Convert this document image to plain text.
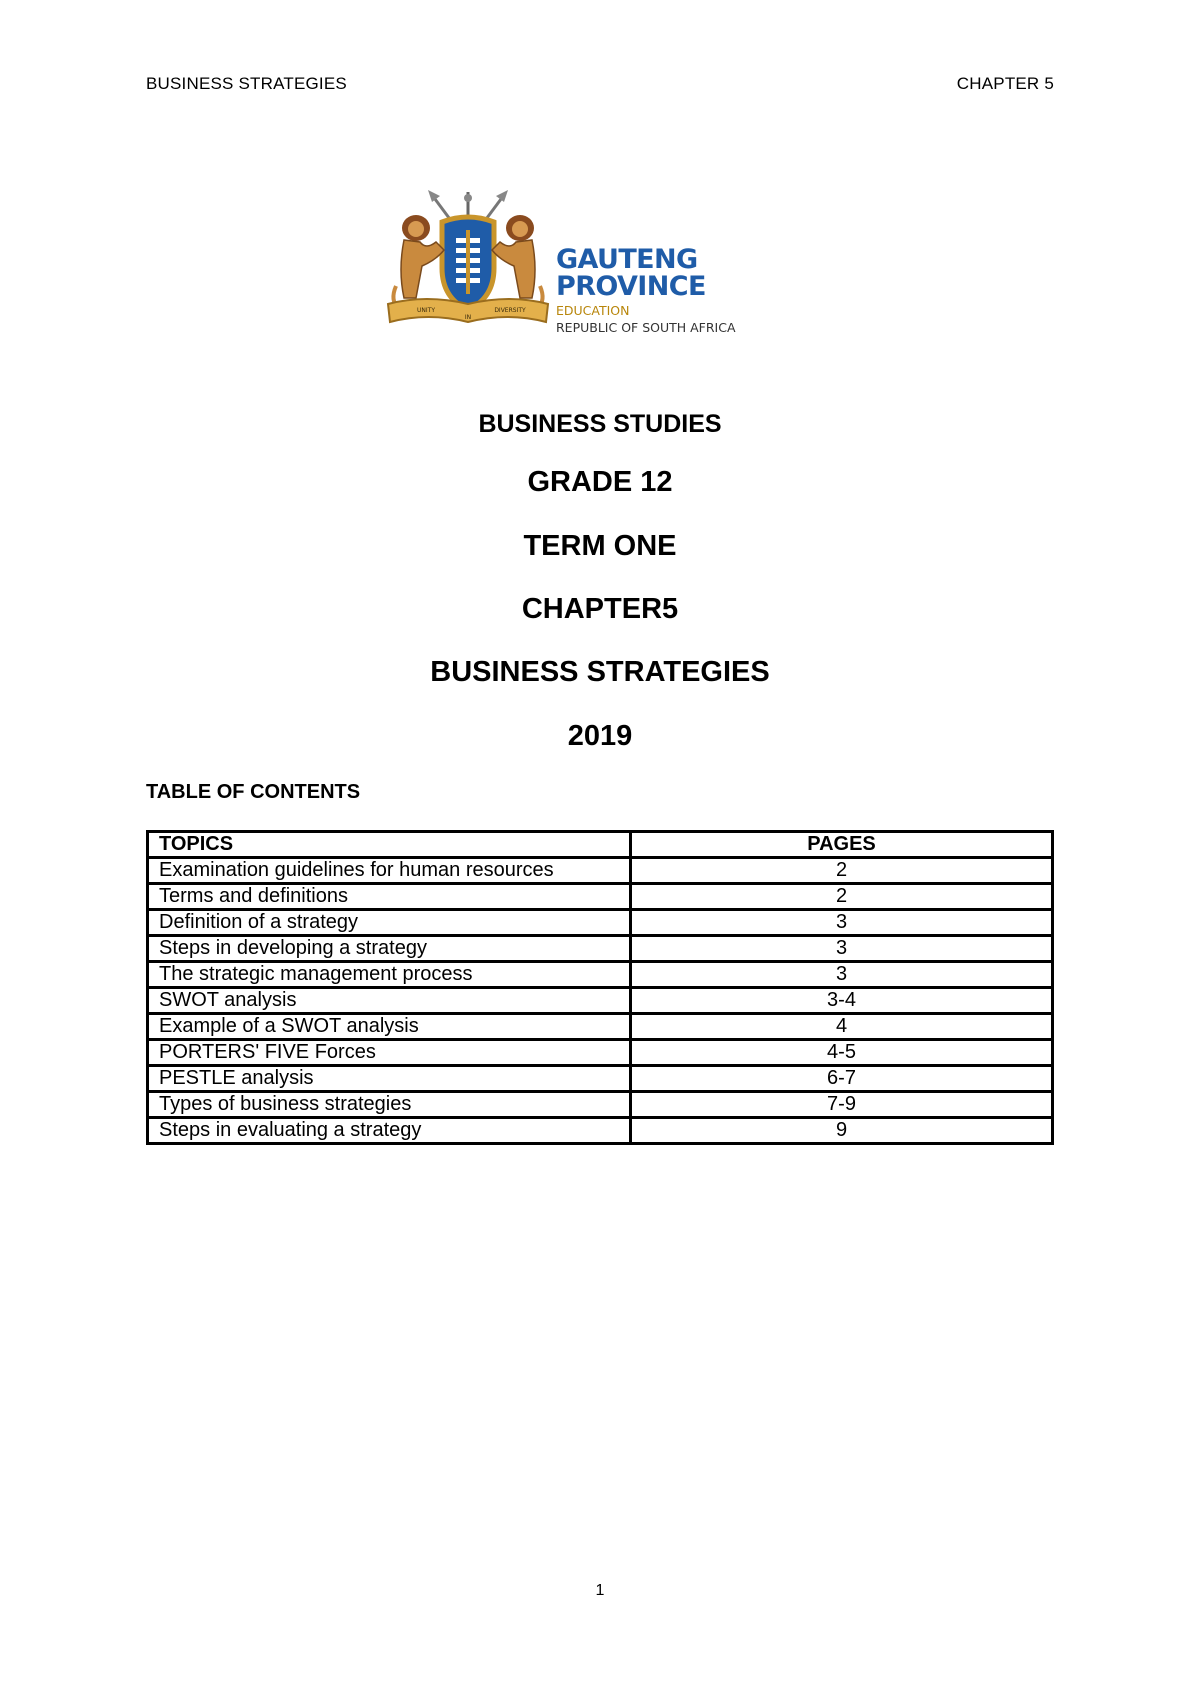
BUSINESS STRATEGIES	CHAPTER 5
UNITY
IN
DIVERSITY
GAUTENG PROVINCE
EDUCATION
REPUBLIC OF SOUTH AFRICA
BUSINESS STUDIES
GRADE 12
TERM ONE
CHAPTER5
BUSINESS STRATEGIES
2019
TABLE OF CONTENTS
TOPICS	PAGES
Examination guidelines for human resources	2
Terms and definitions	2
Definition of a strategy	3
Steps in developing a strategy	3
The strategic management process	3
SWOT analysis	3-4
Example of a SWOT analysis	4
PORTERS' FIVE Forces	4-5
PESTLE analysis	6-7
Types of business strategies	7-9
Steps in evaluating a strategy	9
1
